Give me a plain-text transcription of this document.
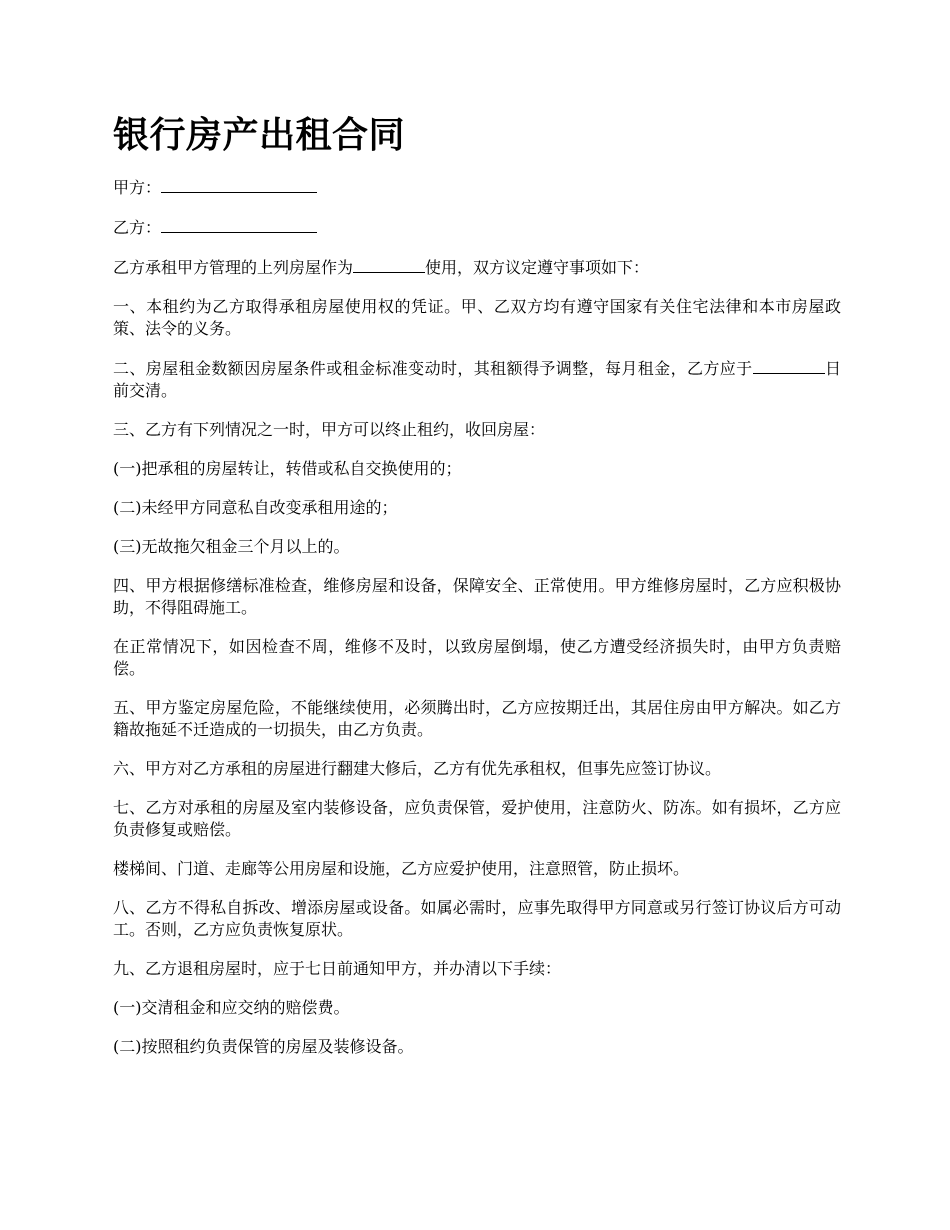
银行房产出租合同

甲方：

乙方：

乙方承租甲方管理的上列房屋作为	使用，双方议定遵守事项如下：

一、本租约为乙方取得承租房屋使用权的凭证。甲、乙双方均有遵守国家有关住宅法律和本市房屋政策、法令的义务。

二、房屋租金数额因房屋条件或租金标准变动时，其租额得予调整，每月租金，乙方应于	日前交清。

三、乙方有下列情况之一时，甲方可以终止租约，收回房屋：

(一)把承租的房屋转让，转借或私自交换使用的；

(二)未经甲方同意私自改变承租用途的；

(三)无故拖欠租金三个月以上的。

四、甲方根据修缮标准检查，维修房屋和设备，保障安全、正常使用。甲方维修房屋时，乙方应积极协助，不得阻碍施工。

在正常情况下，如因检查不周，维修不及时，以致房屋倒塌，使乙方遭受经济损失时，由甲方负责赔偿。

五、甲方鉴定房屋危险，不能继续使用，必须腾出时，乙方应按期迁出，其居住房由甲方解决。如乙方籍故拖延不迁造成的一切损失，由乙方负责。

六、甲方对乙方承租的房屋进行翻建大修后，乙方有优先承租权，但事先应签订协议。

七、乙方对承租的房屋及室内装修设备，应负责保管，爱护使用，注意防火、防冻。如有损坏，乙方应负责修复或赔偿。

楼梯间、门道、走廊等公用房屋和设施，乙方应爱护使用，注意照管，防止损坏。

八、乙方不得私自拆改、增添房屋或设备。如属必需时，应事先取得甲方同意或另行签订协议后方可动工。否则，乙方应负责恢复原状。

九、乙方退租房屋时，应于七日前通知甲方，并办清以下手续：

(一)交清租金和应交纳的赔偿费。

(二)按照租约负责保管的房屋及装修设备。
